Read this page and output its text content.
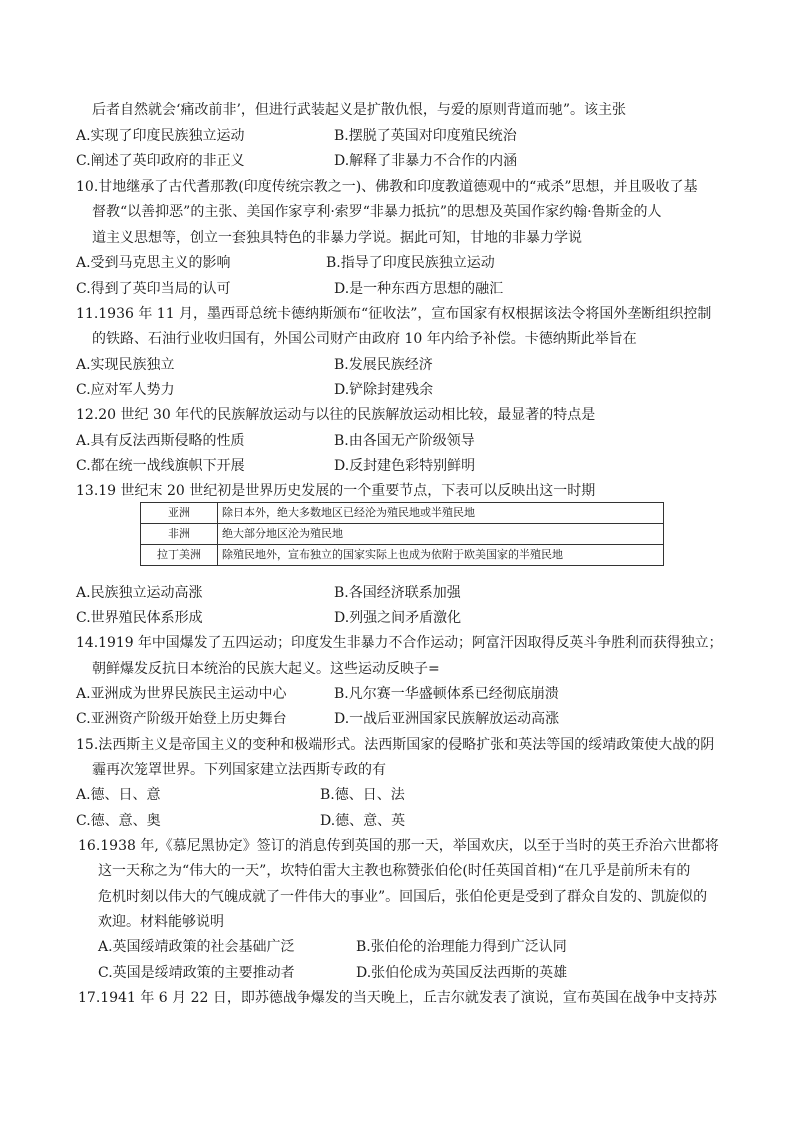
后者自然就会‘痛改前非’，但进行武装起义是扩散仇恨，与爱的原则背道而驰”。该主张
A.实现了印度民族独立运动	B.摆脱了英国对印度殖民统治
C.阐述了英印政府的非正义	D.解释了非暴力不合作的内涵
10.甘地继承了古代耆那教(印度传统宗教之一)、佛教和印度教道德观中的“戒杀”思想，并且吸收了基
督教“以善抑恶”的主张、美国作家亨利·索罗“非暴力抵抗”的思想及英国作家约翰·鲁斯金的人
道主义思想等，创立一套独具特色的非暴力学说。据此可知，甘地的非暴力学说
A.受到马克思主义的影响	B.指导了印度民族独立运动
C.得到了英印当局的认可	D.是一种东西方思想的融汇
11.1936 年 11 月，墨西哥总统卡德纳斯颁布“征收法”，宣布国家有权根据该法令将国外垄断组织控制
的铁路、石油行业收归国有，外国公司财产由政府 10 年内给予补偿。卡德纳斯此举旨在
A.实现民族独立	B.发展民族经济
C.应对军人势力	D.铲除封建残余
12.20 世纪 30 年代的民族解放运动与以往的民族解放运动相比较，最显著的特点是
A.具有反法西斯侵略的性质	B.由各国无产阶级领导
C.都在统一战线旗帜下开展	D.反封建色彩特别鲜明
13.19 世纪末 20 世纪初是世界历史发展的一个重要节点，下表可以反映出这一时期
亚洲	除日本外，绝大多数地区已经沦为殖民地或半殖民地
非洲	绝大部分地区沦为殖民地
拉丁美洲	除殖民地外，宣布独立的国家实际上也成为依附于欧美国家的半殖民地
A.民族独立运动高涨	B.各国经济联系加强
C.世界殖民体系形成	D.列强之间矛盾激化
14.1919 年中国爆发了五四运动；印度发生非暴力不合作运动；阿富汗因取得反英斗争胜利而获得独立；
朝鲜爆发反抗日本统治的民族大起义。这些运动反映子=
A.亚洲成为世界民族民主运动中心	B.凡尔赛一华盛顿体系已经彻底崩溃
C.亚洲资产阶级开始登上历史舞台	D.一战后亚洲国家民族解放运动高涨
15.法西斯主义是帝国主义的变种和极端形式。法西斯国家的侵略扩张和英法等国的绥靖政策使大战的阴
霾再次笼罩世界。下列国家建立法西斯专政的有
A.德、日、意	B.德、日、法
C.德、意、奥	D.德、意、英
16.1938 年,《慕尼黑协定》签订的消息传到英国的那一天，举国欢庆，以至于当时的英王乔治六世都将
这一天称之为“伟大的一天”，坎特伯雷大主教也称赞张伯伦(时任英国首相)“在几乎是前所未有的
危机时刻以伟大的气魄成就了一件伟大的事业”。回国后，张伯伦更是受到了群众自发的、凯旋似的
欢迎。材料能够说明
A.英国绥靖政策的社会基础广泛	B.张伯伦的治理能力得到广泛认同
C.英国是绥靖政策的主要推动者	D.张伯伦成为英国反法西斯的英雄
17.1941 年 6 月 22 日，即苏德战争爆发的当天晚上，丘吉尔就发表了演说，宣布英国在战争中支持苏
